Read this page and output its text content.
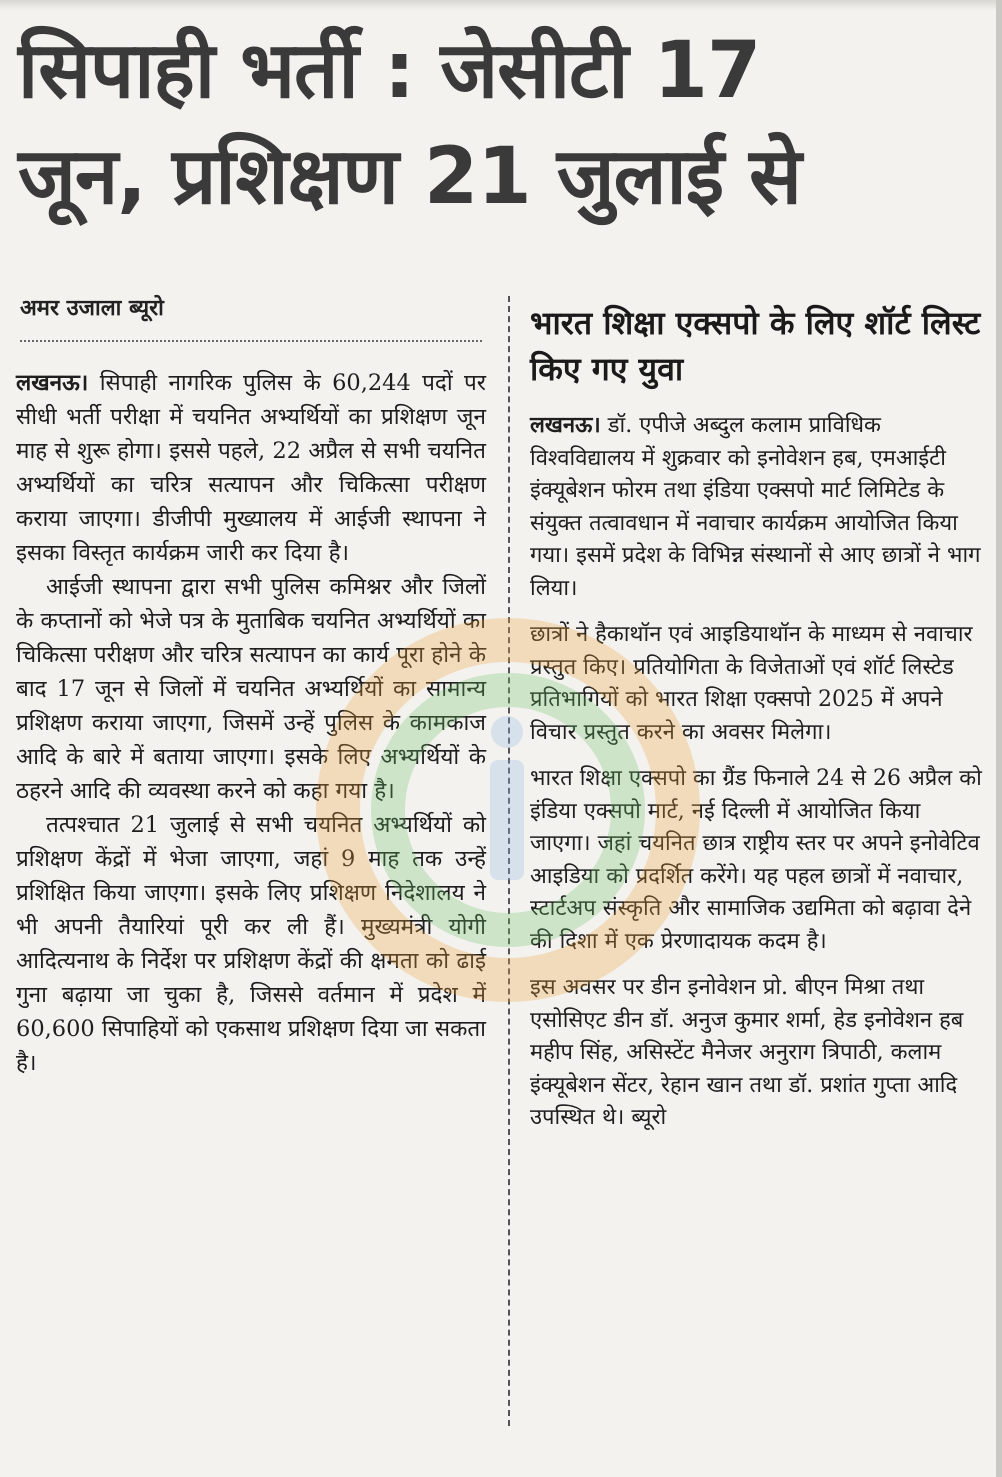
सिपाही भर्ती : जेसीटी 17
जून, प्रशिक्षण 21 जुलाई से
अमर उजाला ब्यूरो

लखनऊ। सिपाही नागरिक पुलिस के 60,244 पदों पर सीधी भर्ती परीक्षा में चयनित अभ्यर्थियों का प्रशिक्षण जून माह से शुरू होगा। इससे पहले, 22 अप्रैल से सभी चयनित अभ्यर्थियों का चरित्र सत्यापन और चिकित्सा परीक्षण कराया जाएगा। डीजीपी मुख्यालय में आईजी स्थापना ने इसका विस्तृत कार्यक्रम जारी कर दिया है।

आईजी स्थापना द्वारा सभी पुलिस कमिश्नर और जिलों के कप्तानों को भेजे पत्र के मुताबिक चयनित अभ्यर्थियों का चिकित्सा परीक्षण और चरित्र सत्यापन का कार्य पूरा होने के बाद 17 जून से जिलों में चयनित अभ्यर्थियों का सामान्य प्रशिक्षण कराया जाएगा, जिसमें उन्हें पुलिस के कामकाज आदि के बारे में बताया जाएगा। इसके लिए अभ्यर्थियों के ठहरने आदि की व्यवस्था करने को कहा गया है।

तत्पश्चात 21 जुलाई से सभी चयनित अभ्यर्थियों को प्रशिक्षण केंद्रों में भेजा जाएगा, जहां 9 माह तक उन्हें प्रशिक्षित किया जाएगा। इसके लिए प्रशिक्षण निदेशालय ने भी अपनी तैयारियां पूरी कर ली हैं। मुख्यमंत्री योगी आदित्यनाथ के निर्देश पर प्रशिक्षण केंद्रों की क्षमता को ढाई गुना बढ़ाया जा चुका है, जिससे वर्तमान में प्रदेश में 60,600 सिपाहियों को एकसाथ प्रशिक्षण दिया जा सकता है।

भारत शिक्षा एक्सपो के लिए शॉर्ट लिस्ट किए गए युवा

लखनऊ। डॉ. एपीजे अब्दुल कलाम प्राविधिक विश्वविद्यालय में शुक्रवार को इनोवेशन हब, एमआईटी इंक्यूबेशन फोरम तथा इंडिया एक्सपो मार्ट लिमिटेड के संयुक्त तत्वावधान में नवाचार कार्यक्रम आयोजित किया गया। इसमें प्रदेश के विभिन्न संस्थानों से आए छात्रों ने भाग लिया।

छात्रों ने हैकाथॉन एवं आइडियाथॉन के माध्यम से नवाचार प्रस्तुत किए। प्रतियोगिता के विजेताओं एवं शॉर्ट लिस्टेड प्रतिभागियों को भारत शिक्षा एक्सपो 2025 में अपने विचार प्रस्तुत करने का अवसर मिलेगा।

भारत शिक्षा एक्सपो का ग्रैंड फिनाले 24 से 26 अप्रैल को इंडिया एक्सपो मार्ट, नई दिल्ली में आयोजित किया जाएगा। जहां चयनित छात्र राष्ट्रीय स्तर पर अपने इनोवेटिव आइडिया को प्रदर्शित करेंगे। यह पहल छात्रों में नवाचार, स्टार्टअप संस्कृति और सामाजिक उद्यमिता को बढ़ावा देने की दिशा में एक प्रेरणादायक कदम है।

इस अवसर पर डीन इनोवेशन प्रो. बीएन मिश्रा तथा एसोसिएट डीन डॉ. अनुज कुमार शर्मा, हेड इनोवेशन हब महीप सिंह, असिस्टेंट मैनेजर अनुराग त्रिपाठी, कलाम इंक्यूबेशन सेंटर, रेहान खान तथा डॉ. प्रशांत गुप्ता आदि उपस्थित थे। ब्यूरो
